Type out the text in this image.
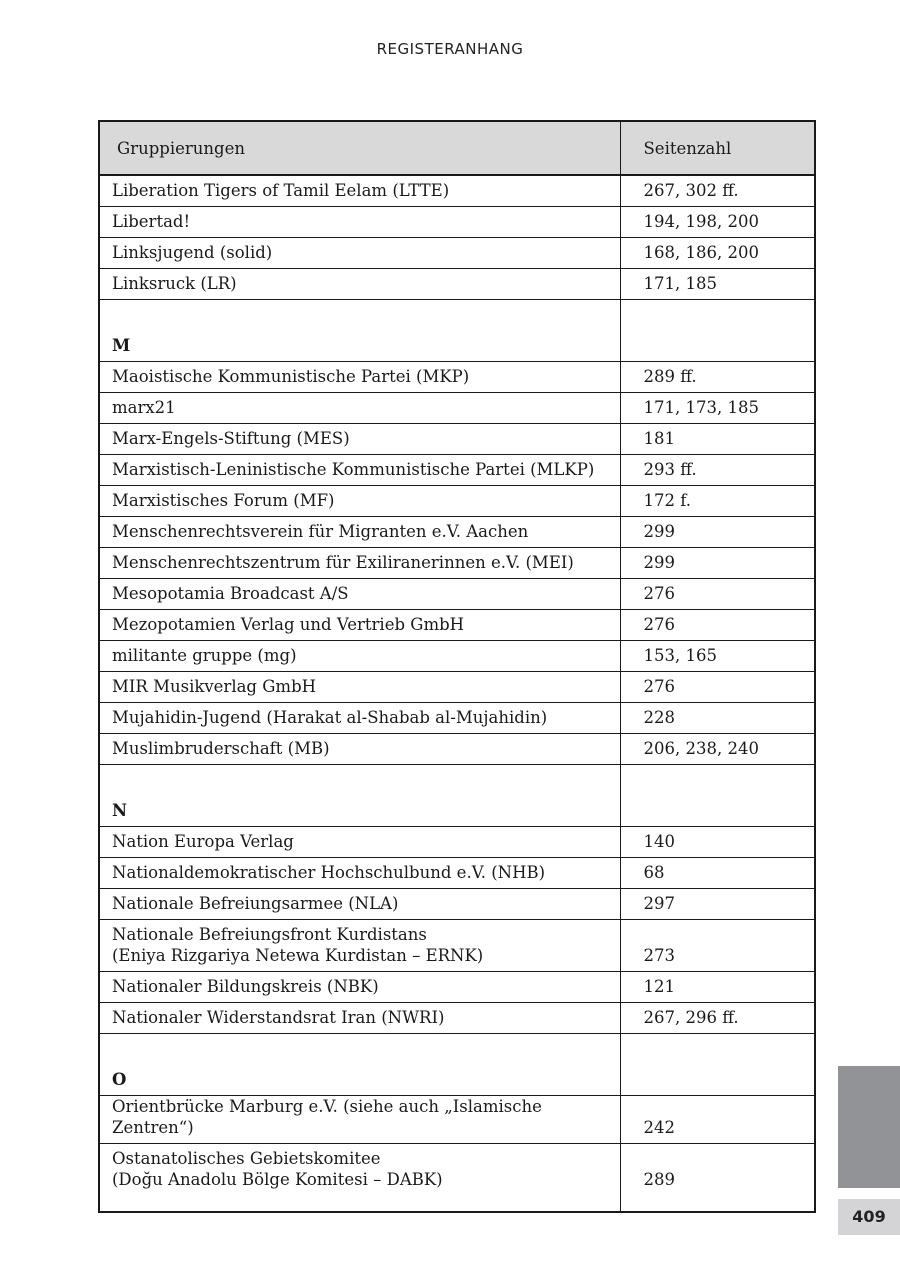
REGISTERANHANG
Gruppierungen	Seitenzahl
Liberation Tigers of Tamil Eelam (LTTE)	267, 302 ff.
Libertad!	194, 198, 200
Linksjugend (solid)	168, 186, 200
Linksruck (LR)	171, 185
M	
Maoistische Kommunistische Partei (MKP)	289 ff.
marx21	171, 173, 185
Marx-Engels-Stiftung (MES)	181
Marxistisch-Leninistische Kommunistische Partei (MLKP)	293 ff.
Marxistisches Forum (MF)	172 f.
Menschenrechtsverein für Migranten e.V. Aachen	299
Menschenrechtszentrum für Exiliranerinnen e.V. (MEI)	299
Mesopotamia Broadcast A/S	276
Mezopotamien Verlag und Vertrieb GmbH	276
militante gruppe (mg)	153, 165
MIR Musikverlag GmbH	276
Mujahidin-Jugend (Harakat al-Shabab al-Mujahidin)	228
Muslimbruderschaft (MB)	206, 238, 240
N	
Nation Europa Verlag	140
Nationaldemokratischer Hochschulbund e.V. (NHB)	68
Nationale Befreiungsarmee (NLA)	297
Nationale Befreiungsfront Kurdistans
(Eniya Rizgariya Netewa Kurdistan – ERNK)	273
Nationaler Bildungskreis (NBK)	121
Nationaler Widerstandsrat Iran (NWRI)	267, 296 ff.
O	
Orientbrücke Marburg e.V. (siehe auch „Islamische Zentren“)	242
Ostanatolisches Gebietskomitee
(Doğu Anadolu Bölge Komitesi – DABK)	289
409
